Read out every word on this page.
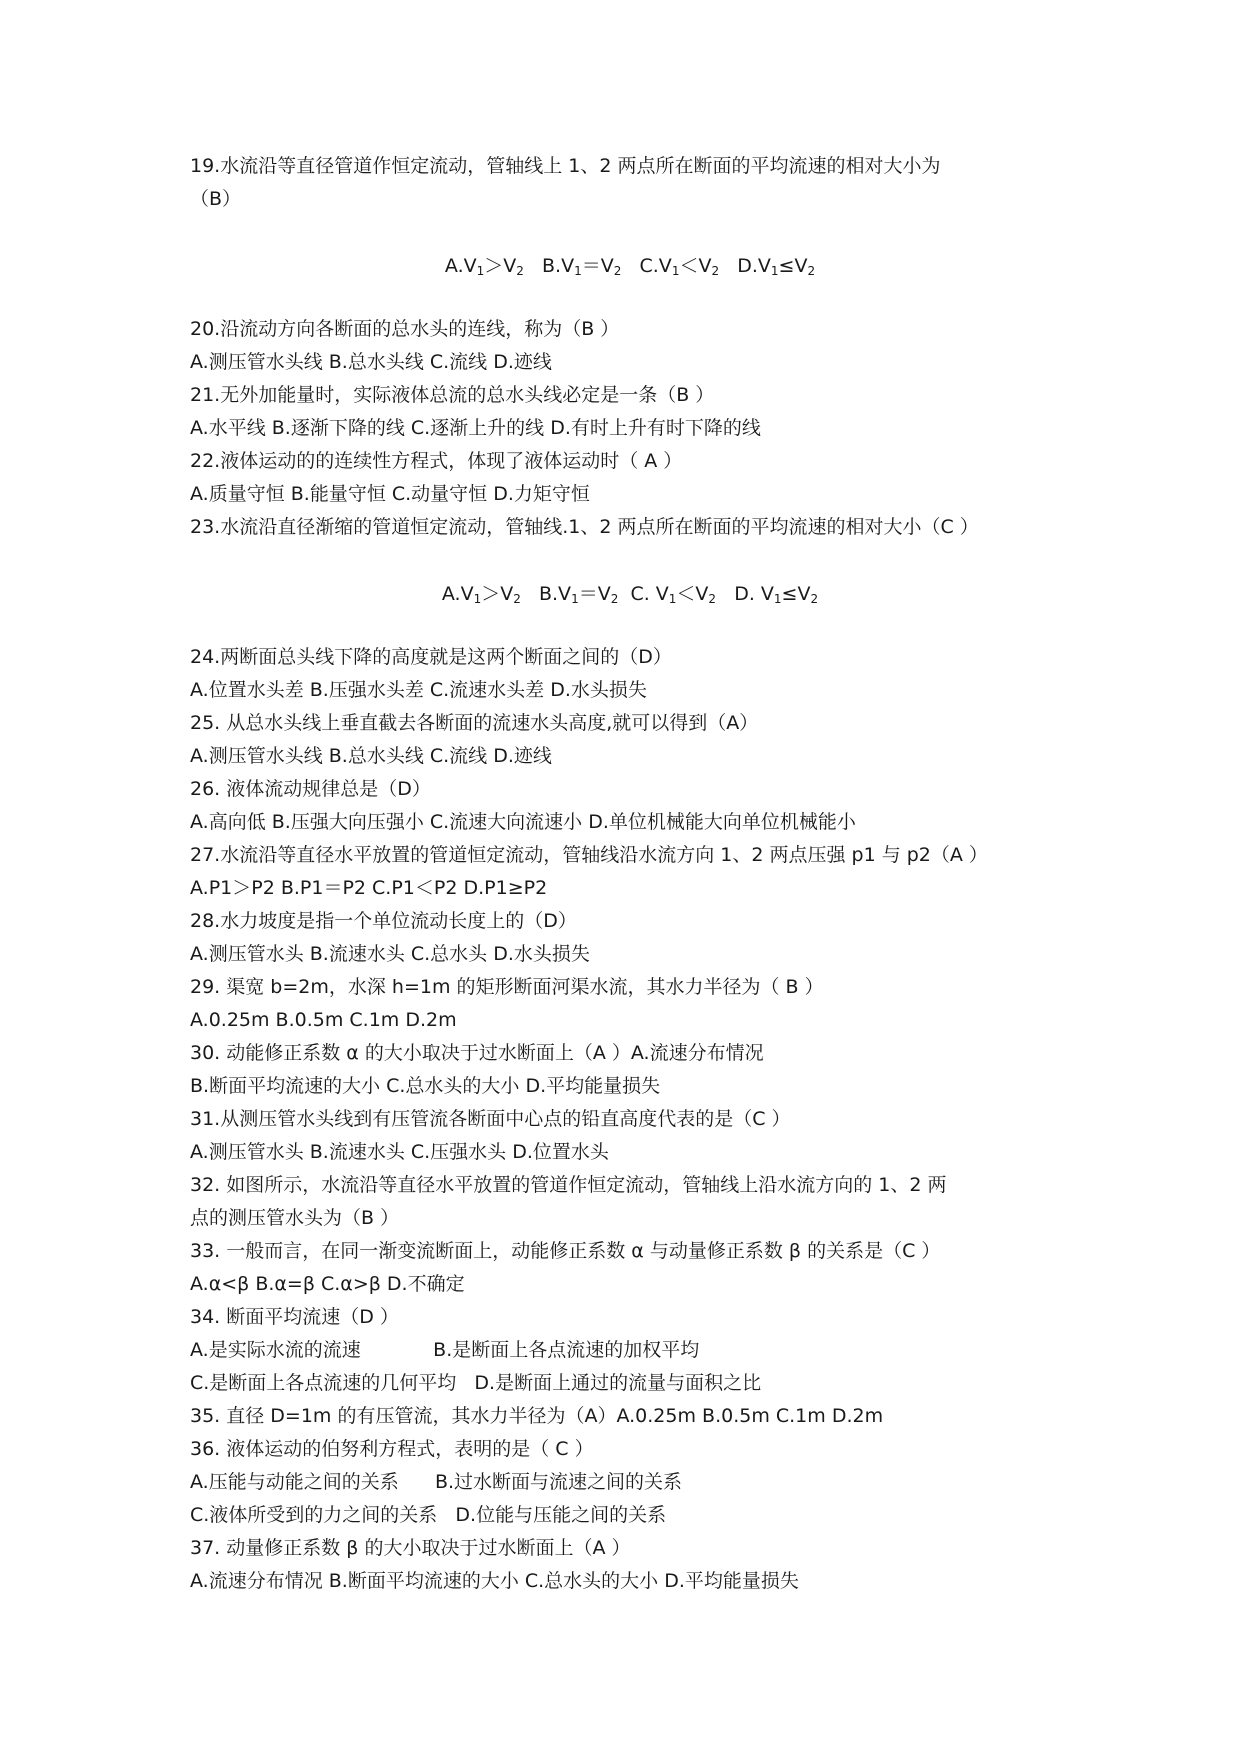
19.水流沿等直径管道作恒定流动，管轴线上 1、2 两点所在断面的平均流速的相对大小为
（B）
$A.V_1>V_2$ $B.V_1=V_2$ $C.V_1<V_2$ $D.V_1\le V_2$
20.沿流动方向各断面的总水头的连线，称为（B ）
A.测压管水头线 B.总水头线 C.流线 D.迹线
21.无外加能量时，实际液体总流的总水头线必定是一条（B ）
A.水平线 B.逐渐下降的线 C.逐渐上升的线 D.有时上升有时下降的线
22.液体运动的的连续性方程式，体现了液体运动时（ A ）
A.质量守恒 B.能量守恒 C.动量守恒 D.力矩守恒
23.水流沿直径渐缩的管道恒定流动，管轴线.1、2 两点所在断面的平均流速的相对大小（C ）
$A.V_1>V_2$ $B.V_1=V_2$ C. $V_1<V_2$ D. $V_1\le V_2$
24.两断面总头线下降的高度就是这两个断面之间的（D）
A.位置水头差 B.压强水头差 C.流速水头差 D.水头损失
25. 从总水头线上垂直截去各断面的流速水头高度,就可以得到（A）
A.测压管水头线 B.总水头线 C.流线 D.迹线
26. 液体流动规律总是（D）
A.高向低 B.压强大向压强小 C.流速大向流速小 D.单位机械能大向单位机械能小
27.水流沿等直径水平放置的管道恒定流动，管轴线沿水流方向 1、2 两点压强 p1 与 p2（A ）
A.P1＞P2 B.P1＝P2 C.P1＜P2 D.P1≥P2
28.水力坡度是指一个单位流动长度上的（D）
A.测压管水头 B.流速水头 C.总水头 D.水头损失
29. 渠宽 b=2m，水深 h=1m 的矩形断面河渠水流，其水力半径为（ B ）
A.0.25m B.0.5m C.1m D.2m
30. 动能修正系数 α 的大小取决于过水断面上（A ）A.流速分布情况
B.断面平均流速的大小 C.总水头的大小 D.平均能量损失
31.从测压管水头线到有压管流各断面中心点的铅直高度代表的是（C ）
A.测压管水头 B.流速水头 C.压强水头 D.位置水头
32. 如图所示，水流沿等直径水平放置的管道作恒定流动，管轴线上沿水流方向的 1、2 两
点的测压管水头为（B ）
33. 一般而言，在同一渐变流断面上，动能修正系数 α 与动量修正系数 β 的关系是（C ）
A.α<β B.α=β C.α>β D.不确定
34. 断面平均流速（D ）
A.是实际水流的流速            B.是断面上各点流速的加权平均
C.是断面上各点流速的几何平均   D.是断面上通过的流量与面积之比
35. 直径 D=1m 的有压管流，其水力半径为（A）A.0.25m B.0.5m C.1m D.2m
36. 液体运动的伯努利方程式，表明的是（ C ）
A.压能与动能之间的关系      B.过水断面与流速之间的关系
C.液体所受到的力之间的关系   D.位能与压能之间的关系
37. 动量修正系数 β 的大小取决于过水断面上（A ）
A.流速分布情况 B.断面平均流速的大小 C.总水头的大小 D.平均能量损失
